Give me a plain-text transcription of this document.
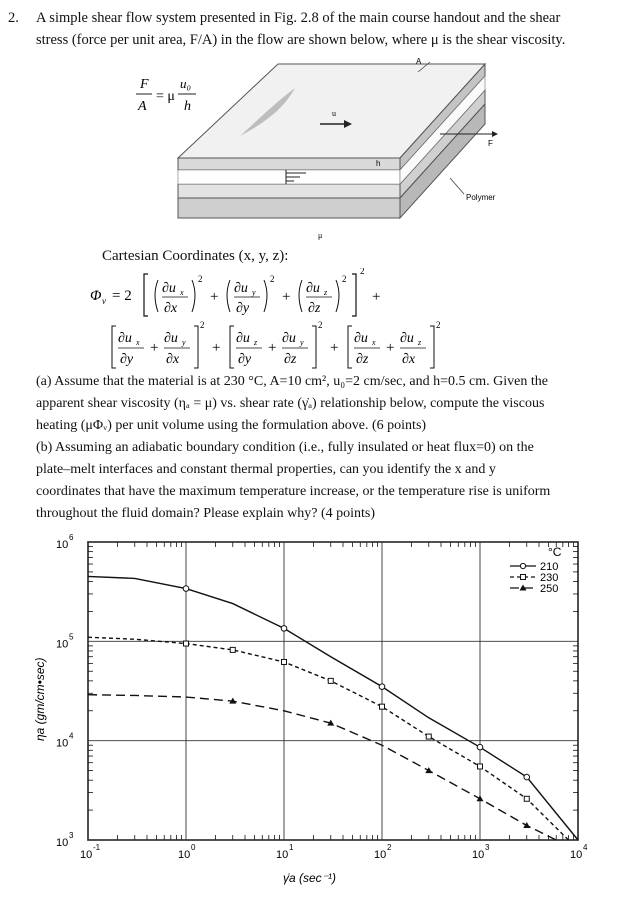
2. A simple shear flow system presented in Fig. 2.8 of the main course handout and the shear
stress (force per unit area, F/A) in the flow are shown below, where μ is the shear viscosity.
F
A
= μ
u₀
h	u
F
A
h
Polymer
μ
Cartesian Coordinates (x, y, z):
Φ v = 2 ∂u x
∂x
2
+
∂u y
∂y
2
+
∂u z
∂z
2
2
+
∂u x
∂y
+
∂u y
∂x
2
+
∂u z
∂y
+
∂u y
∂z
2
+
∂u x
∂z
+
∂u z
∂x
2
(a) Assume that the material is at 230 °C, A=10 cm², u₀=2 cm/sec, and h=0.5 cm. Given the
apparent shear viscosity (ηₐ = μ) vs. shear rate (γ̇ₐ) relationship below, compute the viscous
heating (μΦᵥ) per unit volume using the formulation above. (6 points)
(b) Assuming an adiabatic boundary condition (i.e., fully insulated or heat flux=0) on the
plate–melt interfaces and constant thermal properties, can you identify the x and y
coordinates that have the maximum temperature increase, or the temperature rise is uniform
throughout the fluid domain? Please explain why? (4 points)
10
-1
10
0
10
1
10
2
10
3
10
4
10
3
10
4
10
5
10
6
γ̇a (sec⁻¹)
ηa (gm/cm•sec)
°C
210
230
250
